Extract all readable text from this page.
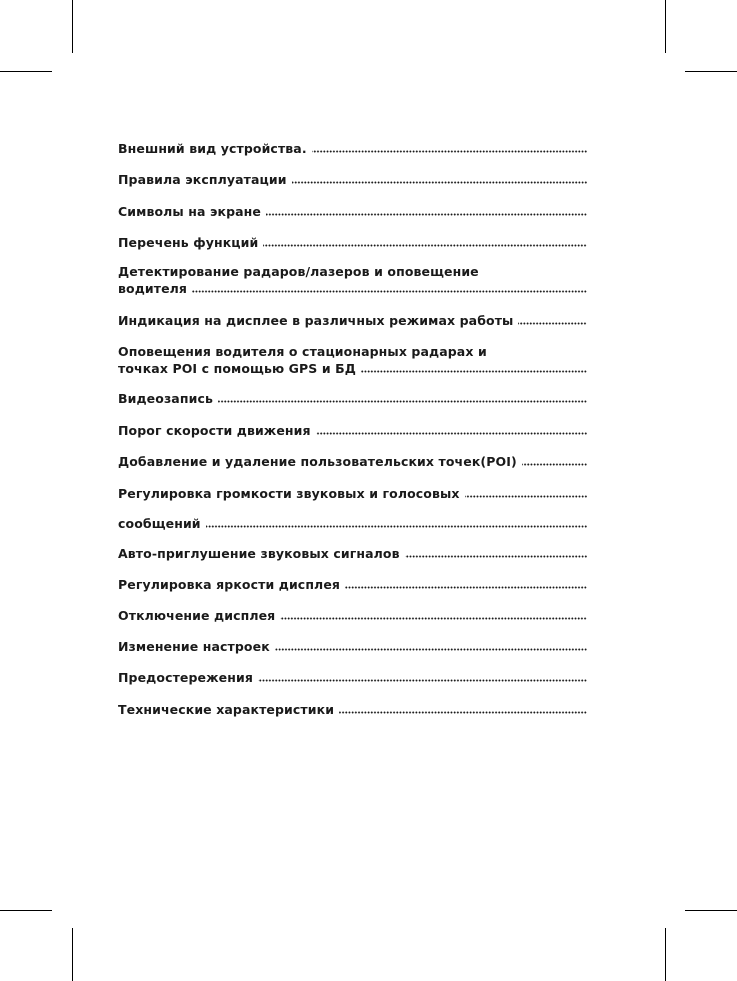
Внешний вид устройства.
Правила эксплуатации
Символы на экране
Перечень функций
Детектирование радаров/лазеров и оповещение
водителя
Индикация на дисплее в различных режимах работы
Оповещения водителя о стационарных радарах и
точках POI с помощью GPS и БД
Видеозапись
Порог скорости движения
Добавление и удаление пользовательских точек(POI)
Регулировка громкости звуковых и голосовых
сообщений
Авто-приглушение звуковых сигналов
Регулировка яркости дисплея
Отключение дисплея
Изменение настроек
Предостережения
Технические характеристики
